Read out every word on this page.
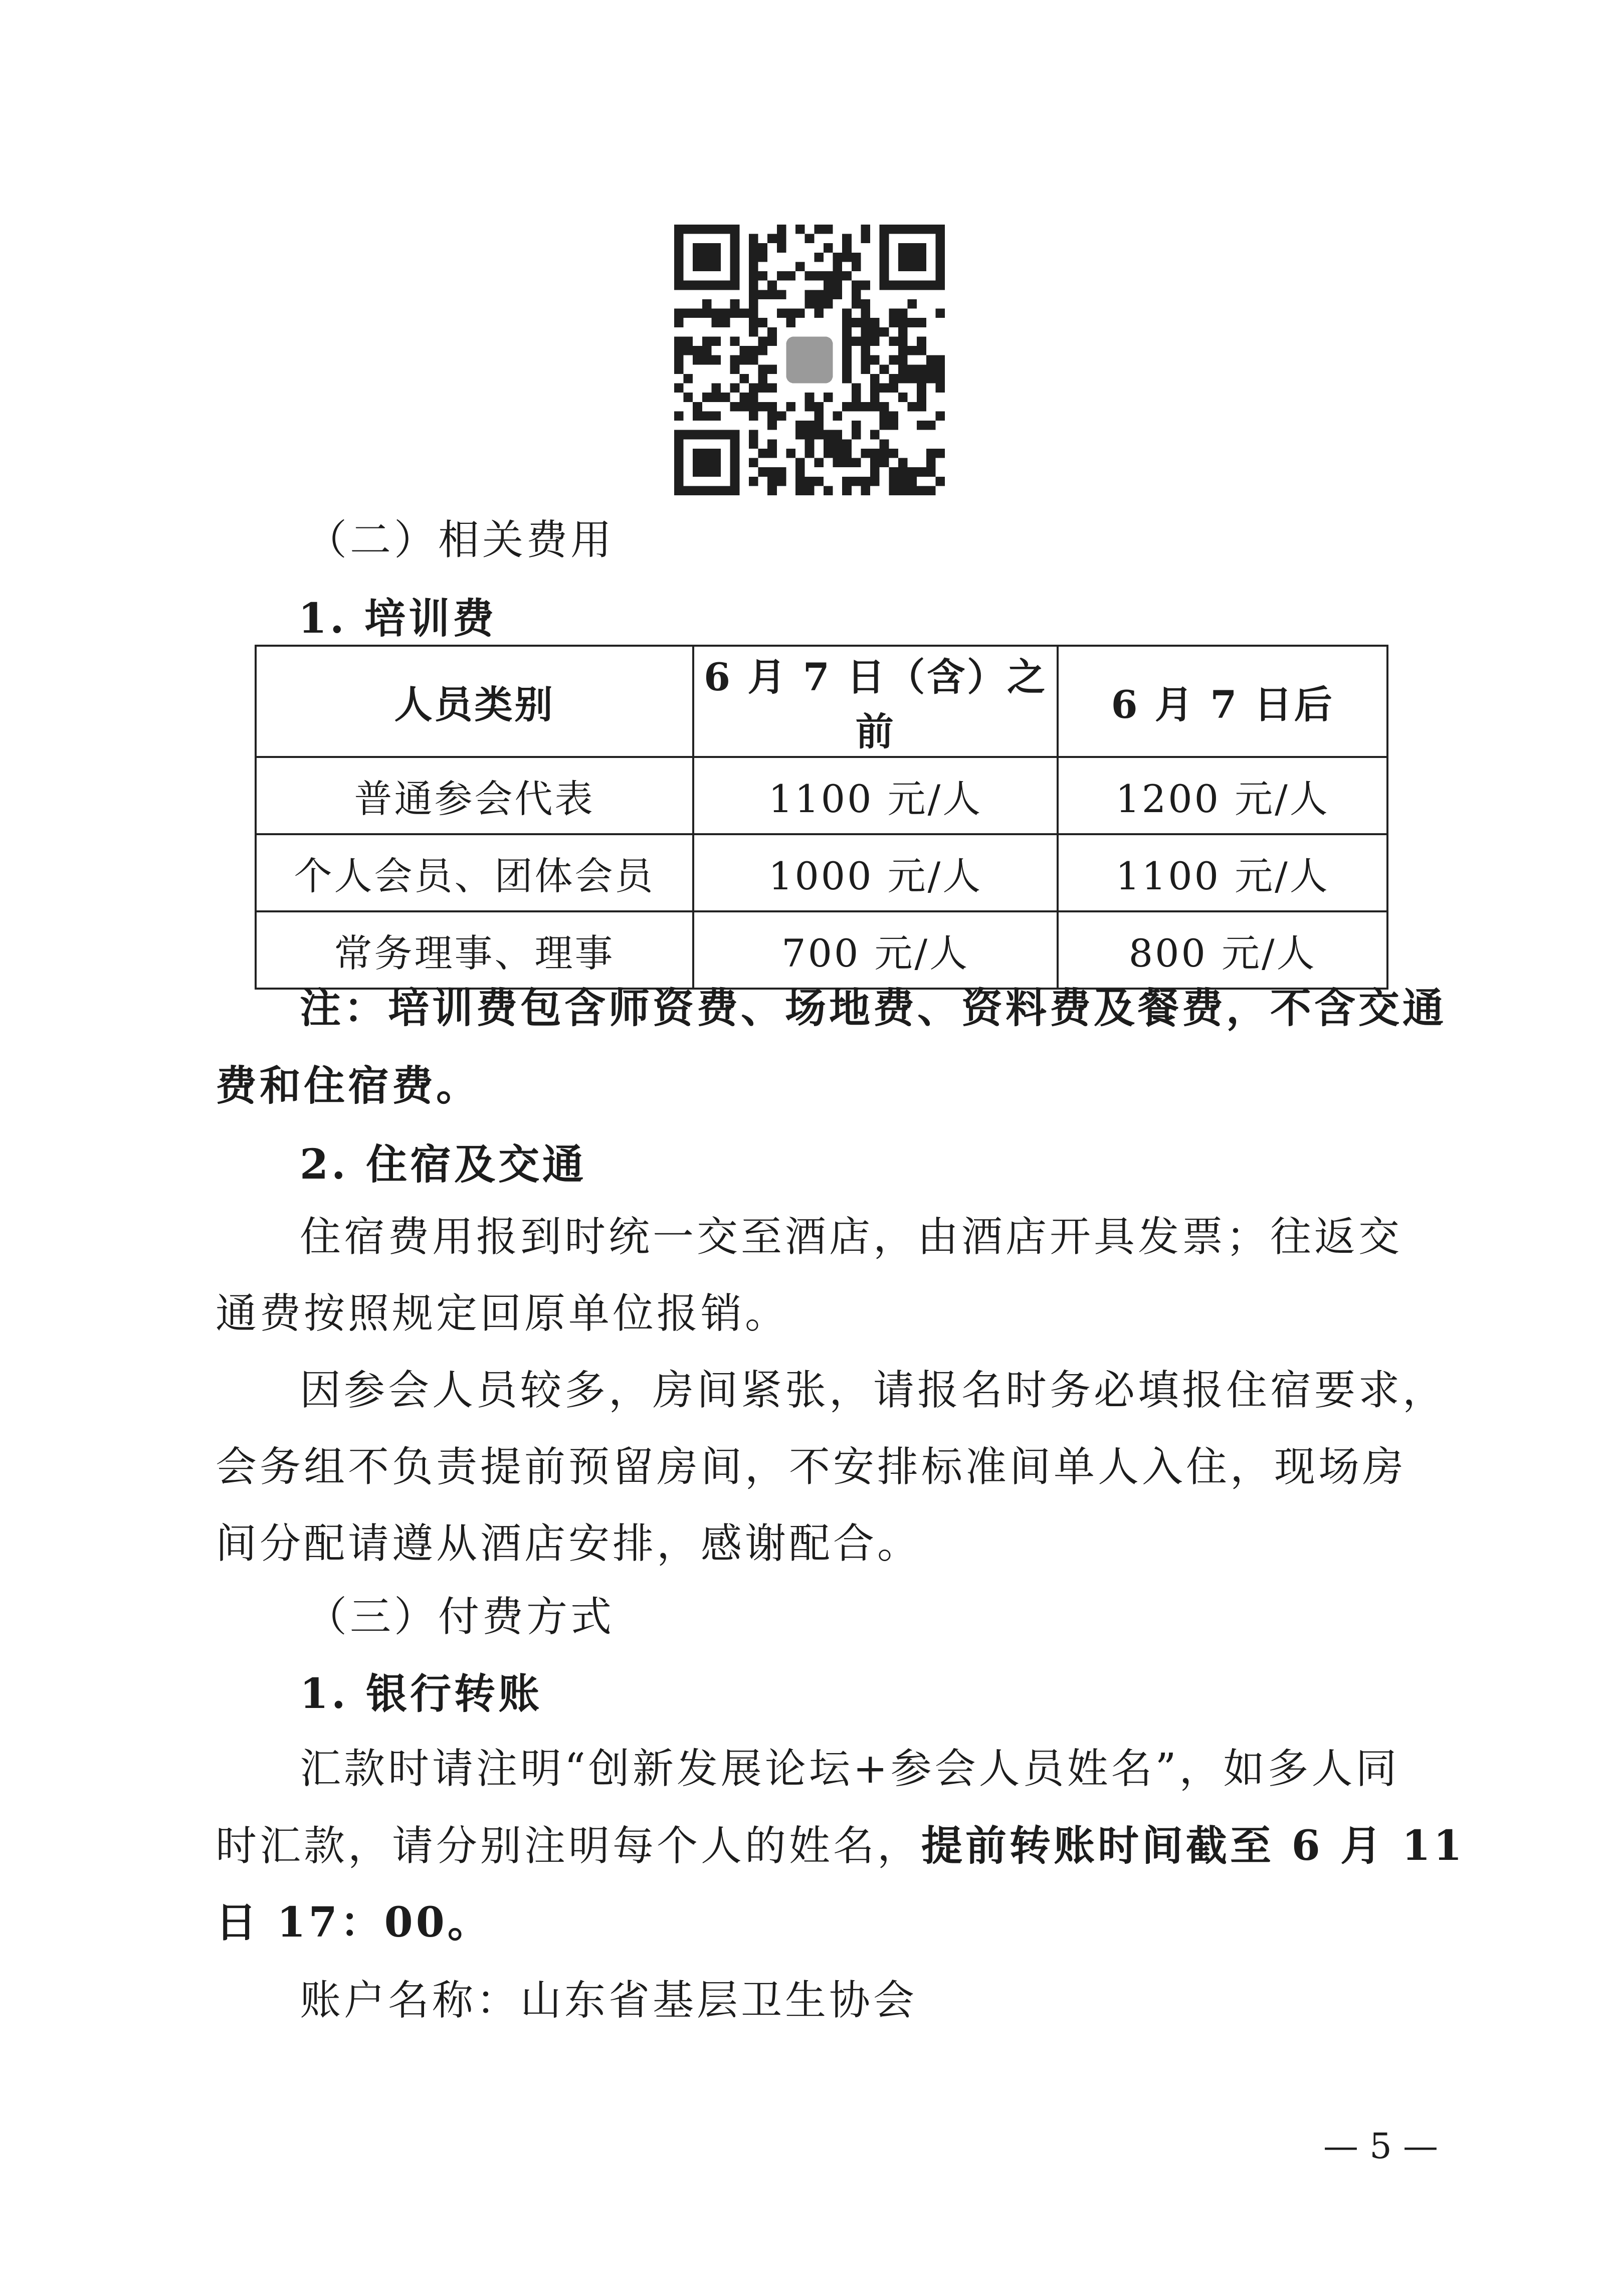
（二）相关费用
1. 培训费
人员类别	6 月 7 日（含）之前	6 月 7 日后
普通参会代表	1100 元/人	1200 元/人
个人会员、团体会员	1000 元/人	1100 元/人
常务理事、理事	700 元/人	800 元/人
注：培训费包含师资费、场地费、资料费及餐费，不含交通
费和住宿费。
2. 住宿及交通
住宿费用报到时统一交至酒店，由酒店开具发票；往返交
通费按照规定回原单位报销。
因参会人员较多，房间紧张，请报名时务必填报住宿要求，
会务组不负责提前预留房间，不安排标准间单人入住，现场房
间分配请遵从酒店安排，感谢配合。
（三）付费方式
1. 银行转账
汇款时请注明“创新发展论坛+参会人员姓名”，如多人同
时汇款，请分别注明每个人的姓名，提前转账时间截至 6 月 11
日 17：00。
账户名称：山东省基层卫生协会
— 5 —
